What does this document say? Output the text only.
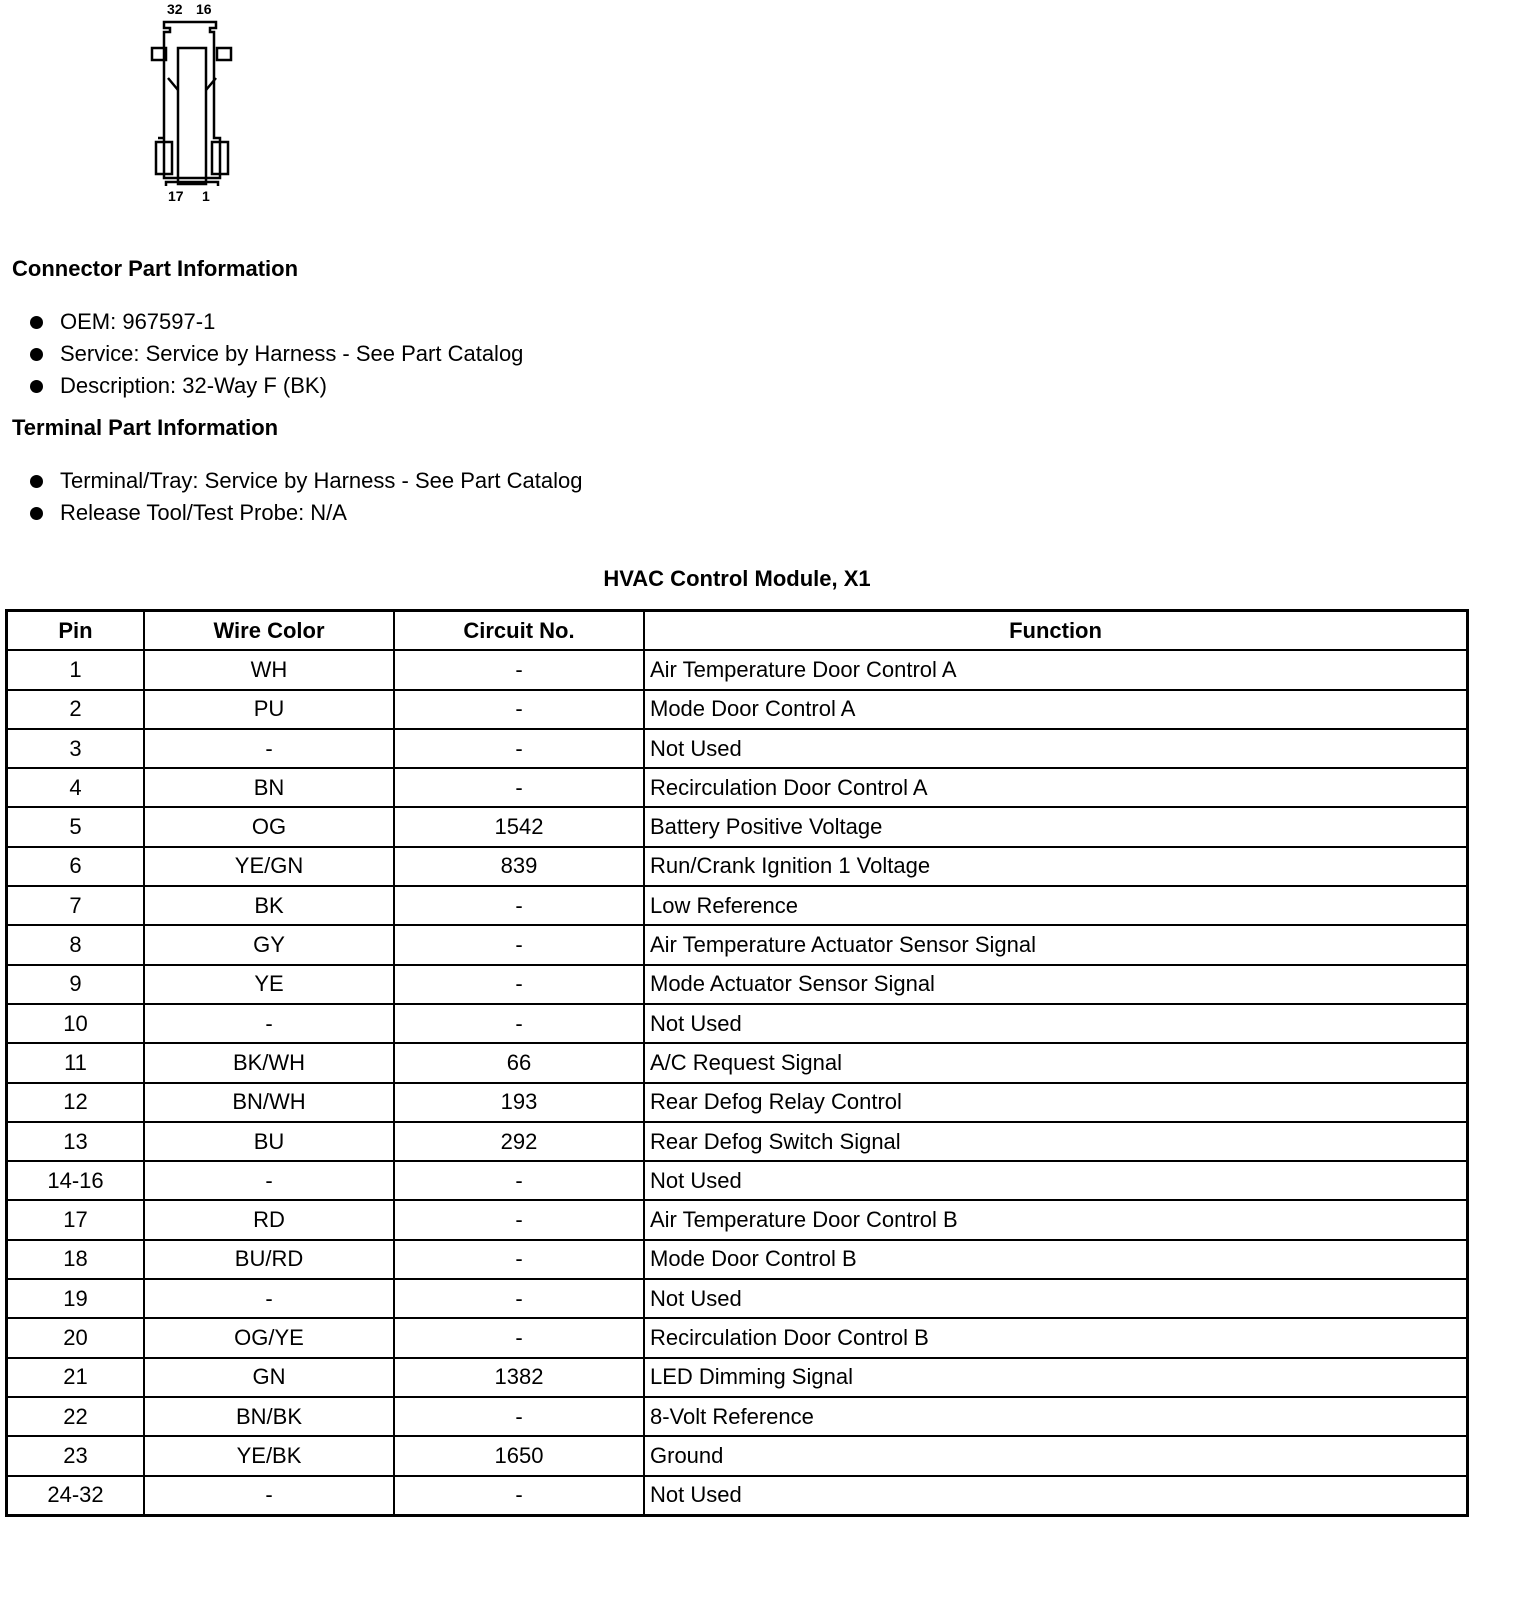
32 16
17 1
Connector Part Information
OEM: 967597-1
Service: Service by Harness - See Part Catalog
Description: 32-Way F (BK)
Terminal Part Information
Terminal/Tray: Service by Harness - See Part Catalog
Release Tool/Test Probe: N/A
HVAC Control Module, X1
Pin	Wire Color	Circuit No.	Function
1	WH	-	Air Temperature Door Control A
2	PU	-	Mode Door Control A
3	-	-	Not Used
4	BN	-	Recirculation Door Control A
5	OG	1542	Battery Positive Voltage
6	YE/GN	839	Run/Crank Ignition 1 Voltage
7	BK	-	Low Reference
8	GY	-	Air Temperature Actuator Sensor Signal
9	YE	-	Mode Actuator Sensor Signal
10	-	-	Not Used
11	BK/WH	66	A/C Request Signal
12	BN/WH	193	Rear Defog Relay Control
13	BU	292	Rear Defog Switch Signal
14-16	-	-	Not Used
17	RD	-	Air Temperature Door Control B
18	BU/RD	-	Mode Door Control B
19	-	-	Not Used
20	OG/YE	-	Recirculation Door Control B
21	GN	1382	LED Dimming Signal
22	BN/BK	-	8-Volt Reference
23	YE/BK	1650	Ground
24-32	-	-	Not Used
